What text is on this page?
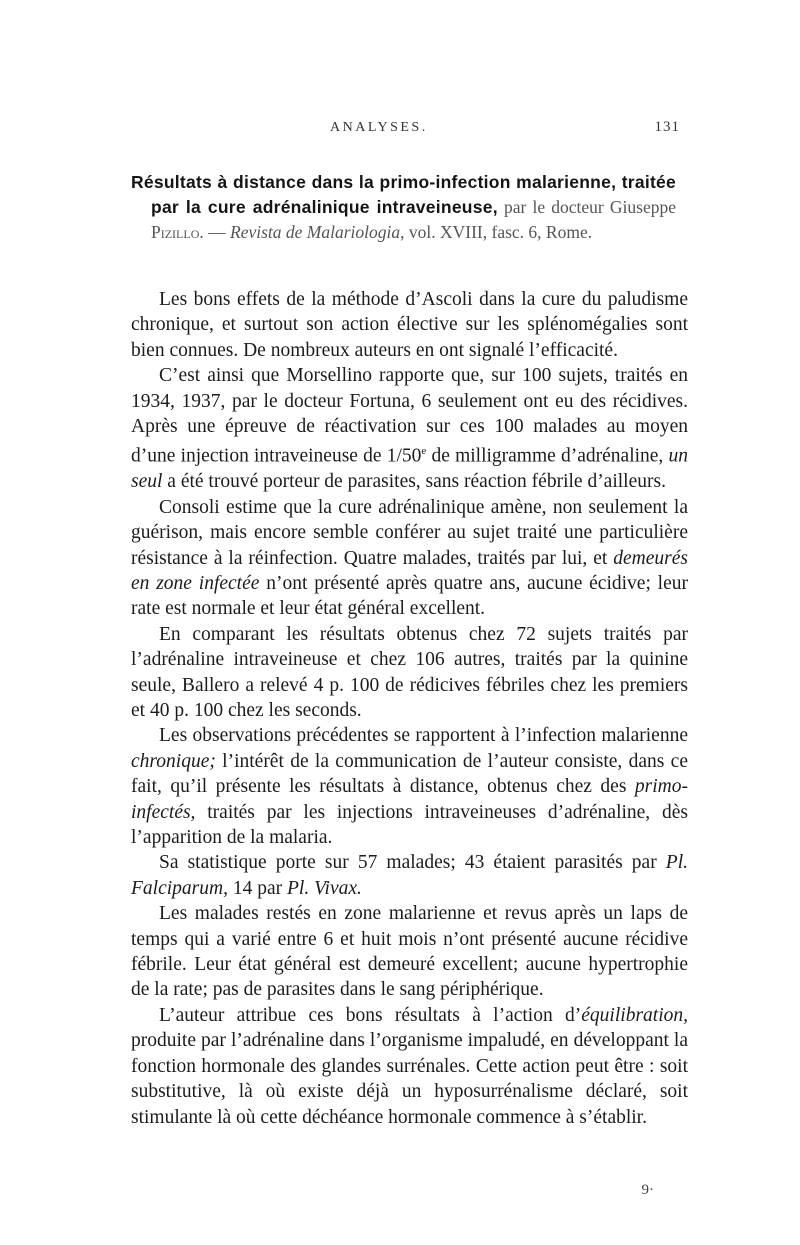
ANALYSES.	131

Résultats à distance dans la primo-infection malarienne, traitée par la cure adrénalinique intraveineuse, par le docteur Giuseppe Pizillo. — Revista de Malariologia, vol. XVIII, fasc. 6, Rome.

Les bons effets de la méthode d’Ascoli dans la cure du paludisme chronique, et surtout son action élective sur les splénomégalies sont bien connues. De nombreux auteurs en ont signalé l’efficacité.

C’est ainsi que Morsellino rapporte que, sur 100 sujets, traités en 1934, 1937, par le docteur Fortuna, 6 seulement ont eu des récidives. Après une épreuve de réactivation sur ces 100 malades au moyen d’une injection intraveineuse de 1/50e de milligramme d’adrénaline, un seul a été trouvé porteur de parasites, sans réaction fébrile d’ailleurs.

Consoli estime que la cure adrénalinique amène, non seulement la guérison, mais encore semble conférer au sujet traité une particulière résistance à la réinfection. Quatre malades, traités par lui, et demeurés en zone infectée n’ont présenté après quatre ans, aucune écidive; leur rate est normale et leur état général excellent.

En comparant les résultats obtenus chez 72 sujets traités par l’adrénaline intraveineuse et chez 106 autres, traités par la quinine seule, Ballero a relevé 4 p. 100 de rédicives fébriles chez les premiers et 40 p. 100 chez les seconds.

Les observations précédentes se rapportent à l’infection malarienne chronique; l’intérêt de la communication de l’auteur consiste, dans ce fait, qu’il présente les résultats à distance, obtenus chez des primo-infectés, traités par les injections intraveineuses d’adrénaline, dès l’apparition de la malaria.

Sa statistique porte sur 57 malades; 43 étaient parasités par Pl. Falciparum, 14 par Pl. Vivax.

Les malades restés en zone malarienne et revus après un laps de temps qui a varié entre 6 et huit mois n’ont présenté aucune récidive fébrile. Leur état général est demeuré excellent; aucune hypertrophie de la rate; pas de parasites dans le sang périphérique.

L’auteur attribue ces bons résultats à l’action d’équilibration, produite par l’adrénaline dans l’organisme impaludé, en développant la fonction hormonale des glandes surrénales. Cette action peut être : soit substitutive, là où existe déjà un hyposurrénalisme déclaré, soit stimulante là où cette déchéance hormonale commence à s’établir.

9·
